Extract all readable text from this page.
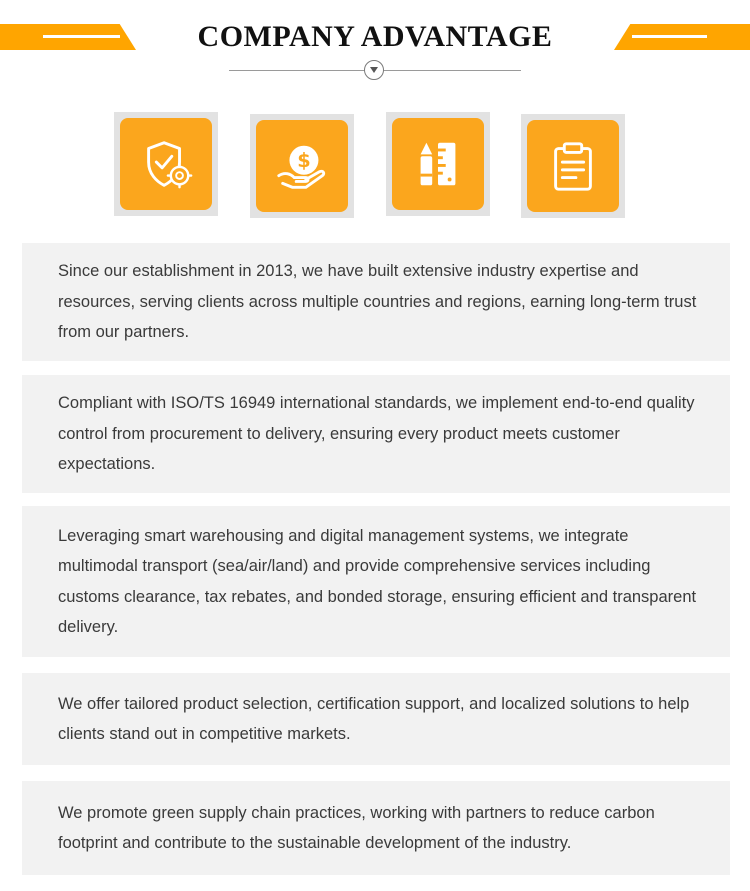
COMPANY ADVANTAGE
$

Since our establishment in 2013, we have built extensive industry expertise and resources, serving clients across multiple countries and regions, earning long-term trust from our partners.

Compliant with ISO/TS 16949 international standards, we implement end-to-end quality control from procurement to delivery, ensuring every product meets customer expectations.

Leveraging smart warehousing and digital management systems, we integrate multimodal transport (sea/air/land) and provide comprehensive services including customs clearance, tax rebates, and bonded storage, ensuring efficient and transparent delivery.

We offer tailored product selection, certification support, and localized solutions to help clients stand out in competitive markets.

We promote green supply chain practices, working with partners to reduce carbon footprint and contribute to the sustainable development of the industry.
